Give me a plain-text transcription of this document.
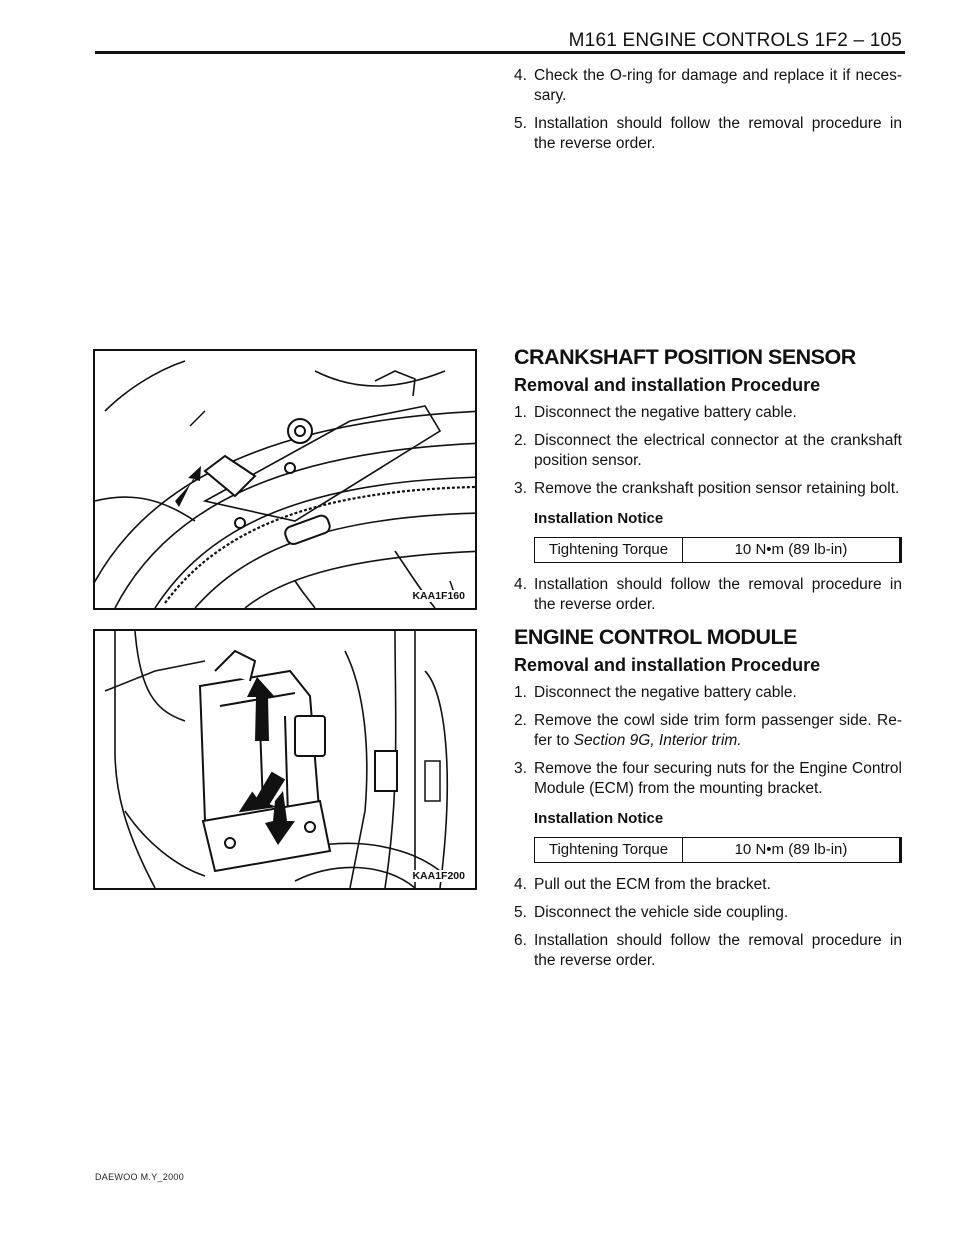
M161 ENGINE CONTROLS 1F2 – 105
4. Check the O-ring for damage and replace it if neces-sary.
5. Installation should follow the removal procedure in the reverse order.
KAA1F160
CRANKSHAFT POSITION SENSOR
Removal and installation Procedure
1. Disconnect the negative battery cable.
2. Disconnect the electrical connector at the crankshaft position sensor.
3. Remove the crankshaft position sensor retaining bolt.
Installation Notice
Tightening Torque	10 N•m (89 lb-in)
4. Installation should follow the removal procedure in the reverse order.
KAA1F200
ENGINE CONTROL MODULE
Removal and installation Procedure
1. Disconnect the negative battery cable.
2. Remove the cowl side trim form passenger side. Re-fer to Section 9G, Interior trim.
3. Remove the four securing nuts for the Engine Control Module (ECM) from the mounting bracket.
Installation Notice
Tightening Torque	10 N•m (89 lb-in)
4. Pull out the ECM from the bracket.
5. Disconnect the vehicle side coupling.
6. Installation should follow the removal procedure in the reverse order.
DAEWOO M.Y_2000
